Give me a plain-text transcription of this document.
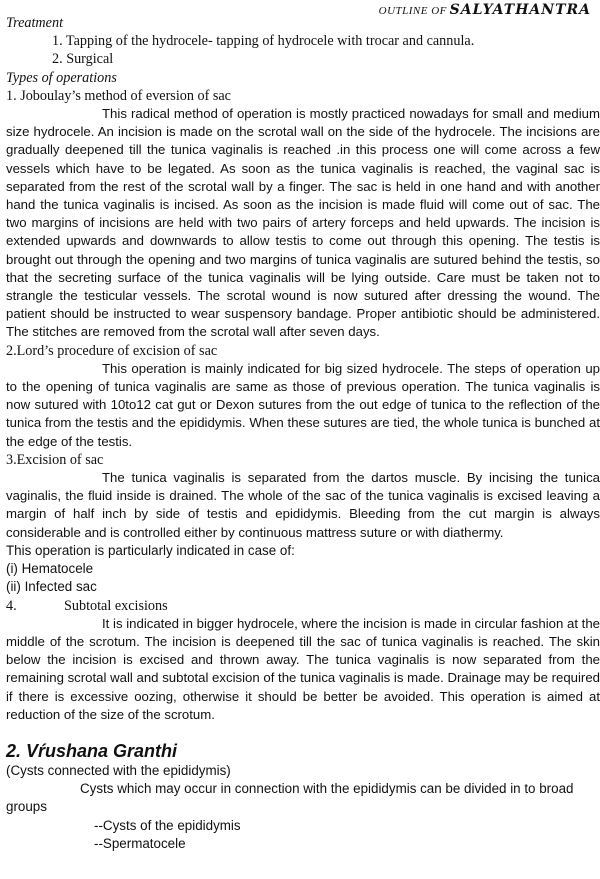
OUTLINE OF SALYATHANTRA

Treatment

1. Tapping of the hydrocele- tapping of hydrocele with trocar and cannula.

2. Surgical

Types of operations

1. Joboulay’s method of eversion of sac

This radical method of operation is mostly practiced nowadays for small and medium size hydrocele. An incision is made on the scrotal wall on the side of the hydrocele. The incisions are gradually deepened till the tunica vaginalis is reached .in this process one will come across a few vessels which have to be legated. As soon as the tunica vaginalis is reached, the vaginal sac is separated from the rest of the scrotal wall by a finger. The sac is held in one hand and with another hand the tunica vaginalis is incised. As soon as the incision is made fluid will come out of sac. The two margins of incisions are held with two pairs of artery forceps and held upwards. The incision is extended upwards and downwards to allow testis to come out through this opening. The testis is brought out through the opening and two margins of tunica vaginalis are sutured behind the testis, so that the secreting surface of the tunica vaginalis will be lying outside. Care must be taken not to strangle the testicular vessels. The scrotal wound is now sutured after dressing the wound. The patient should be instructed to wear suspensory bandage. Proper antibiotic should be administered. The stitches are removed from the scrotal wall after seven days.

2.Lord’s procedure of excision of sac

This operation is mainly indicated for big sized hydrocele. The steps of operation up to the opening of tunica vaginalis are same as those of previous operation. The tunica vaginalis is now sutured with 10to12 cat gut or Dexon sutures from the out edge of tunica to the reflection of the tunica from the testis and the epididymis. When these sutures are tied, the whole tunica is bunched at the edge of the testis.

3.Excision of sac

The tunica vaginalis is separated from the dartos muscle. By incising the tunica vaginalis, the fluid inside is drained. The whole of the sac of the tunica vaginalis is excised leaving a margin of half inch by side of testis and epididymis. Bleeding from the cut margin is always considerable and is controlled either by continuous mattress suture or with diathermy.

This operation is particularly indicated in case of:

(i) Hematocele

(ii) Infected sac

4.	Subtotal excisions

It is indicated in bigger hydrocele, where the incision is made in circular fashion at the middle of the scrotum. The incision is deepened till the sac of tunica vaginalis is reached. The skin below the incision is excised and thrown away. The tunica vaginalis is now separated from the remaining scrotal wall and subtotal excision of the tunica vaginalis is made. Drainage may be required if there is excessive oozing, otherwise it should be better be avoided. This operation is aimed at reduction of the size of the scrotum.

2. Vŕushana Granthi

(Cysts connected with the epididymis)

Cysts which may occur in connection with the epididymis can be divided in to broad groups

--Cysts of the epididymis

--Spermatocele
